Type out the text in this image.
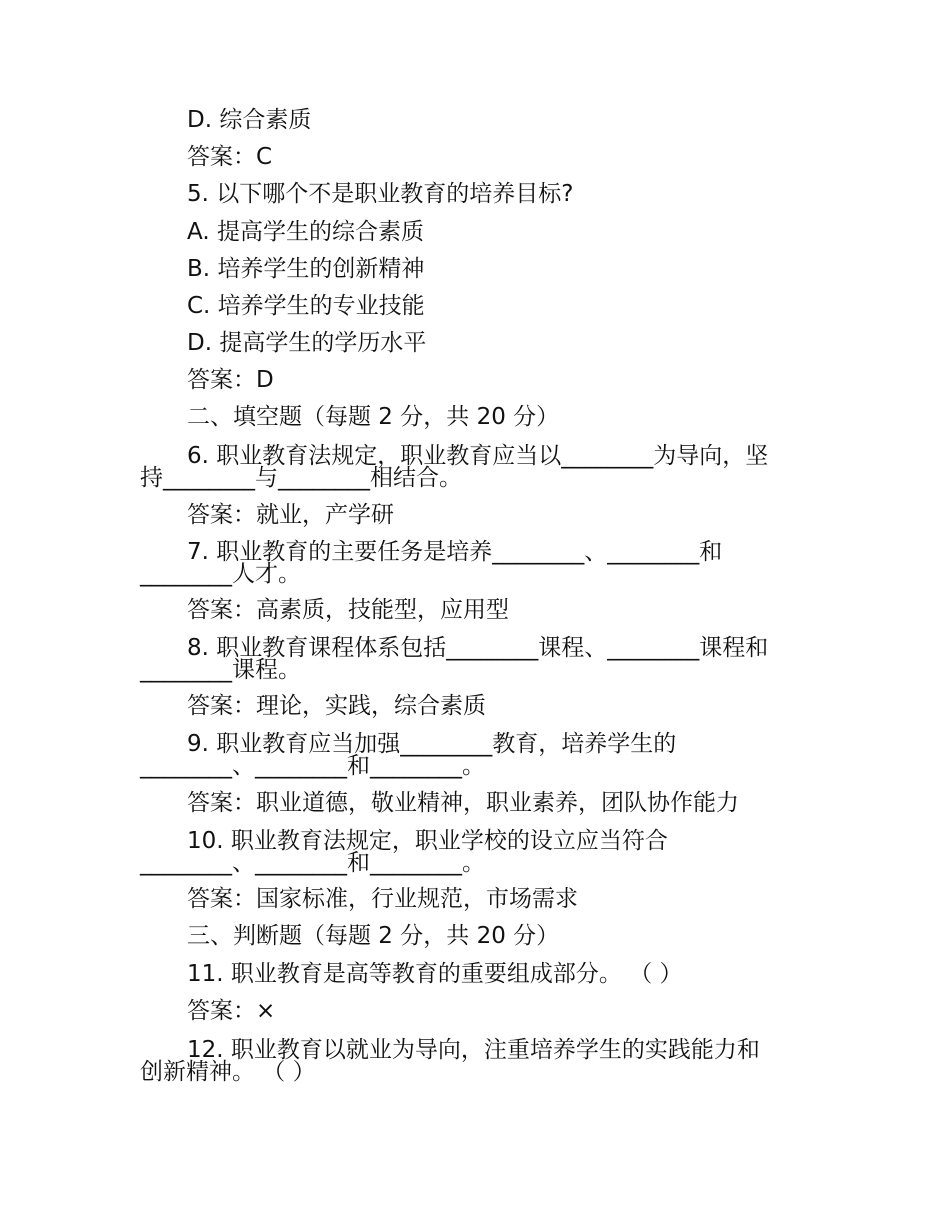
D. 综合素质
答案：C
5. 以下哪个不是职业教育的培养目标?
A. 提高学生的综合素质
B. 培养学生的创新精神
C. 培养学生的专业技能
D. 提高学生的学历水平
答案：D
二、填空题（每题 2 分，共 20 分）
6. 职业教育法规定，职业教育应当以________为导向，坚
持________与________相结合。
答案：就业，产学研
7. 职业教育的主要任务是培养________、________和
________人才。
答案：高素质，技能型，应用型
8. 职业教育课程体系包括________课程、________课程和
________课程。
答案：理论，实践，综合素质
9. 职业教育应当加强________教育，培养学生的
________、________和________。
答案：职业道德，敬业精神，职业素养，团队协作能力
10. 职业教育法规定，职业学校的设立应当符合
________、________和________。
答案：国家标准，行业规范，市场需求
三、判断题（每题 2 分，共 20 分）
11. 职业教育是高等教育的重要组成部分。 （ ）
答案：×
12. 职业教育以就业为导向，注重培养学生的实践能力和
创新精神。 （ ）
